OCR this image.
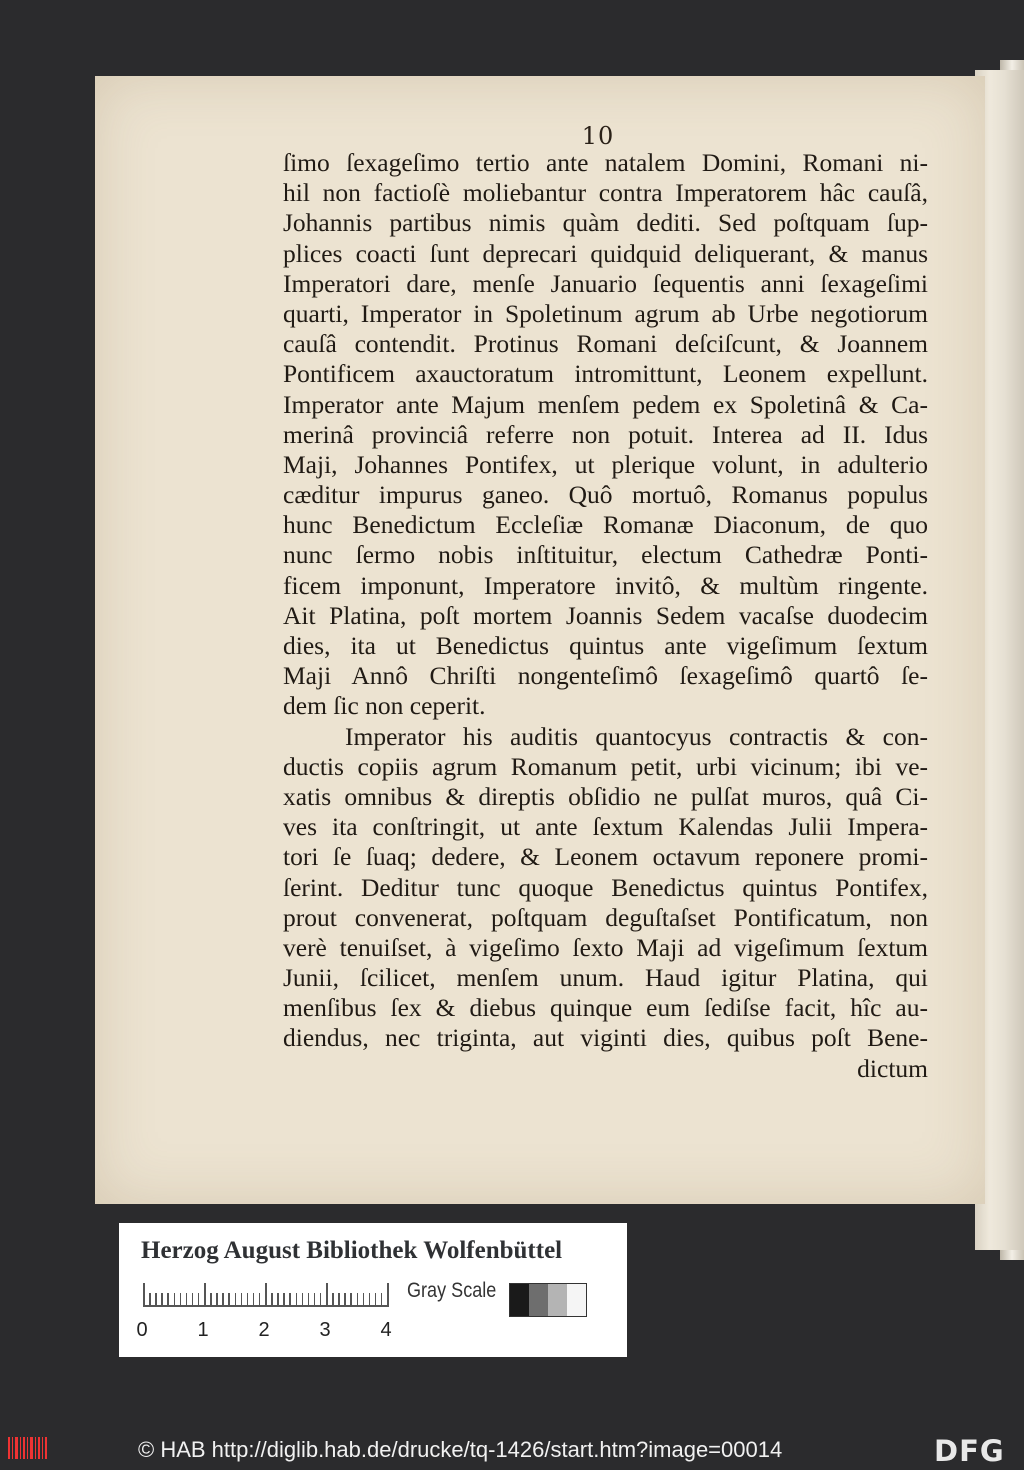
10
ſimo ſexageſimo tertio ante natalem Domini, Romani ni-
hil non factioſè moliebantur contra Imperatorem hâc cauſâ,
Johannis partibus nimis quàm dediti. Sed poſtquam ſup-
plices coacti ſunt deprecari quidquid deliquerant, & manus
Imperatori dare, menſe Januario ſequentis anni ſexageſimi
quarti, Imperator in Spoletinum agrum ab Urbe negotiorum
cauſâ contendit. Protinus Romani deſciſcunt, & Joannem
Pontificem axauctoratum intromittunt, Leonem expellunt.
Imperator ante Majum menſem pedem ex Spoletinâ & Ca-
merinâ provinciâ referre non potuit. Interea ad II. Idus
Maji, Johannes Pontifex, ut plerique volunt, in adulterio
cæditur impurus ganeo. Quô mortuô, Romanus populus
hunc Benedictum Eccleſiæ Romanæ Diaconum, de quo
nunc ſermo nobis inſtituitur, electum Cathedræ Ponti-
ficem imponunt, Imperatore invitô, & multùm ringente.
Ait Platina, poſt mortem Joannis Sedem vacaſse duodecim
dies, ita ut Benedictus quintus ante vigeſimum ſextum
Maji Annô Chriſti nongenteſimô ſexageſimô quartô ſe-
dem ſic non ceperit.
Imperator his auditis quantocyus contractis & con-
ductis copiis agrum Romanum petit, urbi vicinum; ibi ve-
xatis omnibus & direptis obſidio ne pulſat muros, quâ Ci-
ves ita conſtringit, ut ante ſextum Kalendas Julii Impera-
tori ſe ſuaq; dedere, & Leonem octavum reponere promi-
ſerint. Deditur tunc quoque Benedictus quintus Pontifex,
prout convenerat, poſtquam deguſtaſset Pontificatum, non
verè tenuiſset, à vigeſimo ſexto Maji ad vigeſimum ſextum
Junii, ſcilicet, menſem unum. Haud igitur Platina, qui
menſibus ſex & diebus quinque eum ſediſse facit, hîc au-
diendus, nec triginta, aut viginti dies, quibus poſt Bene-
dictum
Herzog August Bibliothek Wolfenbüttel
0 1 2 3 4
Gray Scale
© HAB http://diglib.hab.de/drucke/tq-1426/start.htm?image=00014	DFG
